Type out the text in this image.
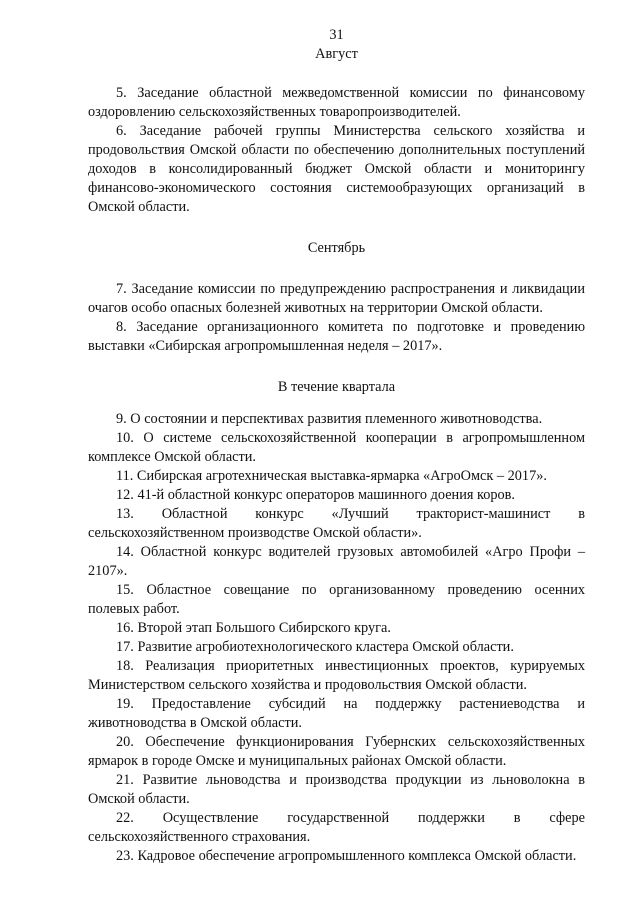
31

Август

5. Заседание областной межведомственной комиссии по финансовому оздоровлению сельскохозяйственных товаропроизводителей.

6. Заседание рабочей группы Министерства сельского хозяйства и продовольствия Омской области по обеспечению дополнительных поступлений доходов в консолидированный бюджет Омской области и мониторингу финансово-экономического состояния системообразующих организаций в Омской области.

Сентябрь

7. Заседание комиссии по предупреждению распространения и ликвидации очагов особо опасных болезней животных на территории Омской области.

8. Заседание организационного комитета по подготовке и проведению выставки «Сибирская агропромышленная неделя – 2017».

В течение квартала

9. О состоянии и перспективах развития племенного животноводства.

10. О системе сельскохозяйственной кооперации в агропромышленном комплексе Омской области.

11. Сибирская агротехническая выставка-ярмарка «АгроОмск – 2017».

12. 41-й областной конкурс операторов машинного доения коров.

13. Областной конкурс «Лучший тракторист-машинист в сельскохозяйственном производстве Омской области».

14. Областной конкурс водителей грузовых автомобилей «Агро Профи – 2107».

15. Областное совещание по организованному проведению осенних полевых работ.

16. Второй этап Большого Сибирского круга.

17. Развитие агробиотехнологического кластера Омской области.

18. Реализация приоритетных инвестиционных проектов, курируемых Министерством сельского хозяйства и продовольствия Омской области.

19. Предоставление субсидий на поддержку растениеводства и животноводства в Омской области.

20. Обеспечение функционирования Губернских сельскохозяйственных ярмарок в городе Омске и муниципальных районах Омской области.

21. Развитие льноводства и производства продукции из льноволокна в Омской области.

22. Осуществление государственной поддержки в сфере сельскохозяйственного страхования.

23. Кадровое обеспечение агропромышленного комплекса Омской области.
